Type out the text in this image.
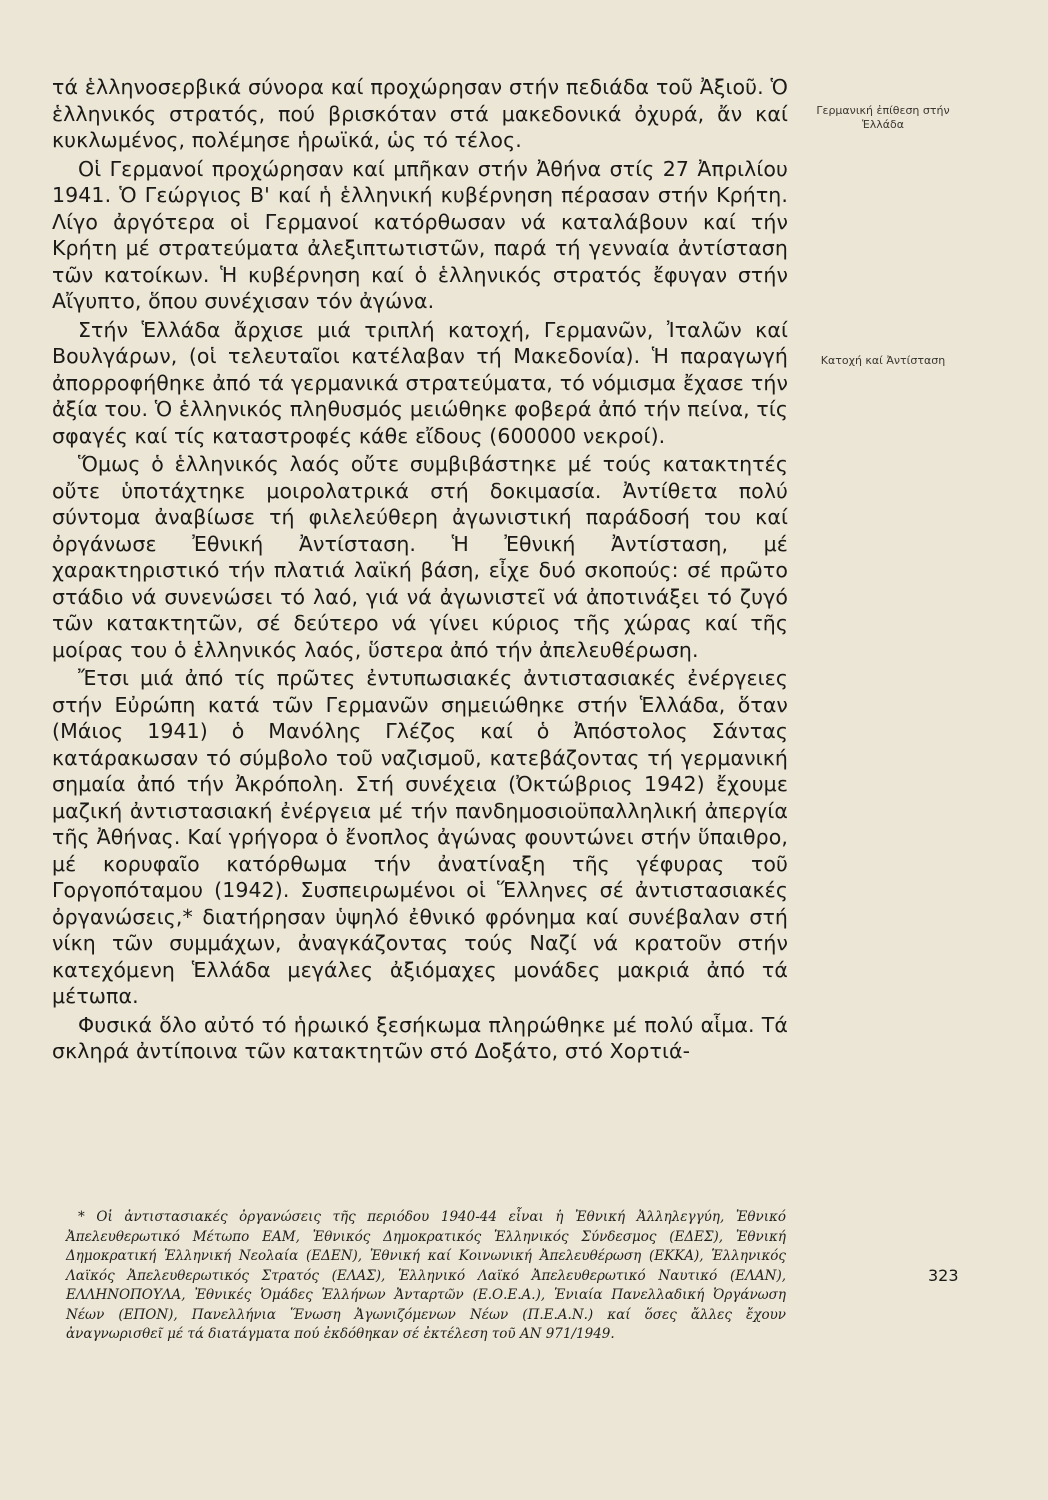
τά ἑλληνοσερβικά σύνορα καί προχώρησαν στήν πεδιάδα τοῦ Ἀξιοῦ. Ὁ ἑλληνικός στρατός, πού βρισκόταν στά μακεδονικά ὀχυρά, ἄν καί κυκλωμένος, πολέμησε ἡρωϊκά, ὡς τό τέλος.

Οἱ Γερμανοί προχώρησαν καί μπῆκαν στήν Ἀθήνα στίς 27 Ἀπριλίου 1941. Ὁ Γεώργιος Β' καί ἡ ἑλληνική κυβέρνηση πέρασαν στήν Κρήτη. Λίγο ἀργότερα οἱ Γερμανοί κατόρθωσαν νά καταλάβουν καί τήν Κρήτη μέ στρατεύματα ἀλεξιπτωτιστῶν, παρά τή γενναία ἀντίσταση τῶν κατοίκων. Ἡ κυβέρνηση καί ὁ ἑλληνικός στρατός ἔφυγαν στήν Αἴγυπτο, ὅπου συνέχισαν τόν ἀγώνα.

Στήν Ἑλλάδα ἄρχισε μιά τριπλή κατοχή, Γερμανῶν, Ἰταλῶν καί Βουλγάρων, (οἱ τελευταῖοι κατέλαβαν τή Μακεδονία). Ἡ παραγωγή ἀπορροφήθηκε ἀπό τά γερμανικά στρατεύματα, τό νόμισμα ἔχασε τήν ἀξία του. Ὁ ἑλληνικός πληθυσμός μειώθηκε φοβερά ἀπό τήν πείνα, τίς σφαγές καί τίς καταστροφές κάθε εἴδους (600000 νεκροί).

Ὅμως ὁ ἑλληνικός λαός οὔτε συμβιβάστηκε μέ τούς κατακτητές οὔτε ὑποτάχτηκε μοιρολατρικά στή δοκιμασία. Ἀντίθετα πολύ σύντομα ἀναβίωσε τή φιλελεύθερη ἀγωνιστική παράδοσή του καί ὀργάνωσε Ἐθνική Ἀντίσταση. Ἡ Ἐθνική Ἀντίσταση, μέ χαρακτηριστικό τήν πλατιά λαϊκή βάση, εἶχε δυό σκοπούς: σέ πρῶτο στάδιο νά συνενώσει τό λαό, γιά νά ἀγωνιστεῖ νά ἀποτινάξει τό ζυγό τῶν κατακτητῶν, σέ δεύτερο νά γίνει κύριος τῆς χώρας καί τῆς μοίρας του ὁ ἑλληνικός λαός, ὕστερα ἀπό τήν ἀπελευθέρωση.

Ἔτσι μιά ἀπό τίς πρῶτες ἐντυπωσιακές ἀντιστασιακές ἐνέργειες στήν Εὐρώπη κατά τῶν Γερμανῶν σημειώθηκε στήν Ἑλλάδα, ὅταν (Μάιος 1941) ὁ Μανόλης Γλέζος καί ὁ Ἀπόστολος Σάντας κατάρακωσαν τό σύμβολο τοῦ ναζισμοῦ, κατεβάζοντας τή γερμανική σημαία ἀπό τήν Ἀκρόπολη. Στή συνέχεια (Ὀκτώβριος 1942) ἔχουμε μαζική ἀντιστασιακή ἐνέργεια μέ τήν πανδημοσιοϋπαλληλική ἀπεργία τῆς Ἀθήνας. Καί γρήγορα ὁ ἔνοπλος ἀγώνας φουντώνει στήν ὕπαιθρο, μέ κορυφαῖο κατόρθωμα τήν ἀνατίναξη τῆς γέφυρας τοῦ Γοργοπόταμου (1942). Συσπειρωμένοι οἱ Ἕλληνες σέ ἀντιστασιακές ὀργανώσεις,* διατήρησαν ὑψηλό ἐθνικό φρόνημα καί συνέβαλαν στή νίκη τῶν συμμάχων, ἀναγκάζοντας τούς Ναζί νά κρατοῦν στήν κατεχόμενη Ἑλλάδα μεγάλες ἀξιόμαχες μονάδες μακριά ἀπό τά μέτωπα.

Φυσικά ὅλο αὐτό τό ἡρωικό ξεσήκωμα πληρώθηκε μέ πολύ αἷμα. Τά σκληρά ἀντίποινα τῶν κατακτητῶν στό Δοξάτο, στό Χορτιά-

Γερμανική ἐπίθεση στήν Ἑλλάδα
Κατοχή καί Ἀντίσταση
* Οἱ ἀντιστασιακές ὀργανώσεις τῆς περιόδου 1940-44 εἶναι ἡ Ἐθνική Ἀλληλεγγύη, Ἐθνικό Ἀπελευθερωτικό Μέτωπο ΕΑΜ, Ἐθνικός Δημοκρατικός Ἑλληνικός Σύνδεσμος (ΕΔΕΣ), Ἐθνική Δημοκρατική Ἑλληνική Νεολαία (ΕΔΕΝ), Ἐθνική καί Κοινωνική Ἀπελευθέρωση (ΕΚΚΑ), Ἑλληνικός Λαϊκός Ἀπελευθερωτικός Στρατός (ΕΛΑΣ), Ἑλληνικό Λαϊκό Ἀπελευθερωτικό Ναυτικό (ΕΛΑΝ), ΕΛΛΗΝΟΠΟΥΛΑ, Ἐθνικές Ὁμάδες Ἑλλήνων Ἀνταρτῶν (Ε.Ο.Ε.Α.), Ἑνιαία Πανελλαδική Ὀργάνωση Νέων (ΕΠΟΝ), Πανελλήνια Ἕνωση Ἀγωνιζόμενων Νέων (Π.Ε.Α.Ν.) καί ὅσες ἄλλες ἔχουν ἀναγνωρισθεῖ μέ τά διατάγματα πού ἐκδόθηκαν σέ ἐκτέλεση τοῦ ΑΝ 971/1949.
323
